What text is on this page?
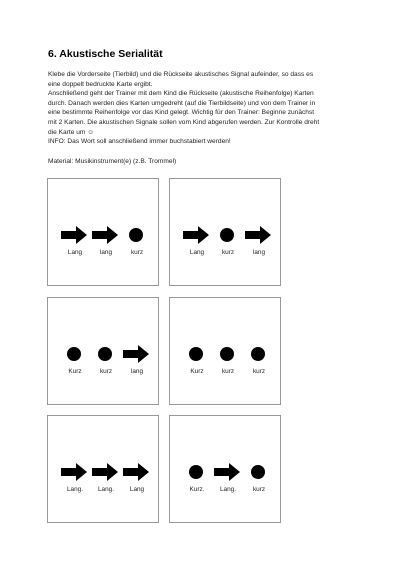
6. Akustische Serialität
Klebe die Vorderseite (Tierbild) und die Rückseite akustisches Signal aufeinder, so dass es
eine doppelt bedruckte Karte ergibt.
Anschließend geht der Trainer mit dem Kind die Rückseite (akustische Reihenfolge) Karten
durch. Danach werden dies Karten umgedreht (auf die Tierbildseite) und von dem Trainer in
eine bestimmte Reihenfolge vor das Kind gelegt. Wichtig für den Trainer: Beginne zunächst
mit 2 Karten. Die akustischen Signale sollen vom Kind abgerufen werden. Zur Kontrolle dreht
die Karte um ☺
INFO: Das Wort soll anschließend immer buchstabiert werden!
Material: Musikinstrument(e) (z.B. Trommel)
Lang	lang	kurz	Lang	kurz	lang
Kurz	kurz	lang	Kurz	kurz	kurz
Lang.	Lang.	Lang	Kurz.	Lang.	kurz
